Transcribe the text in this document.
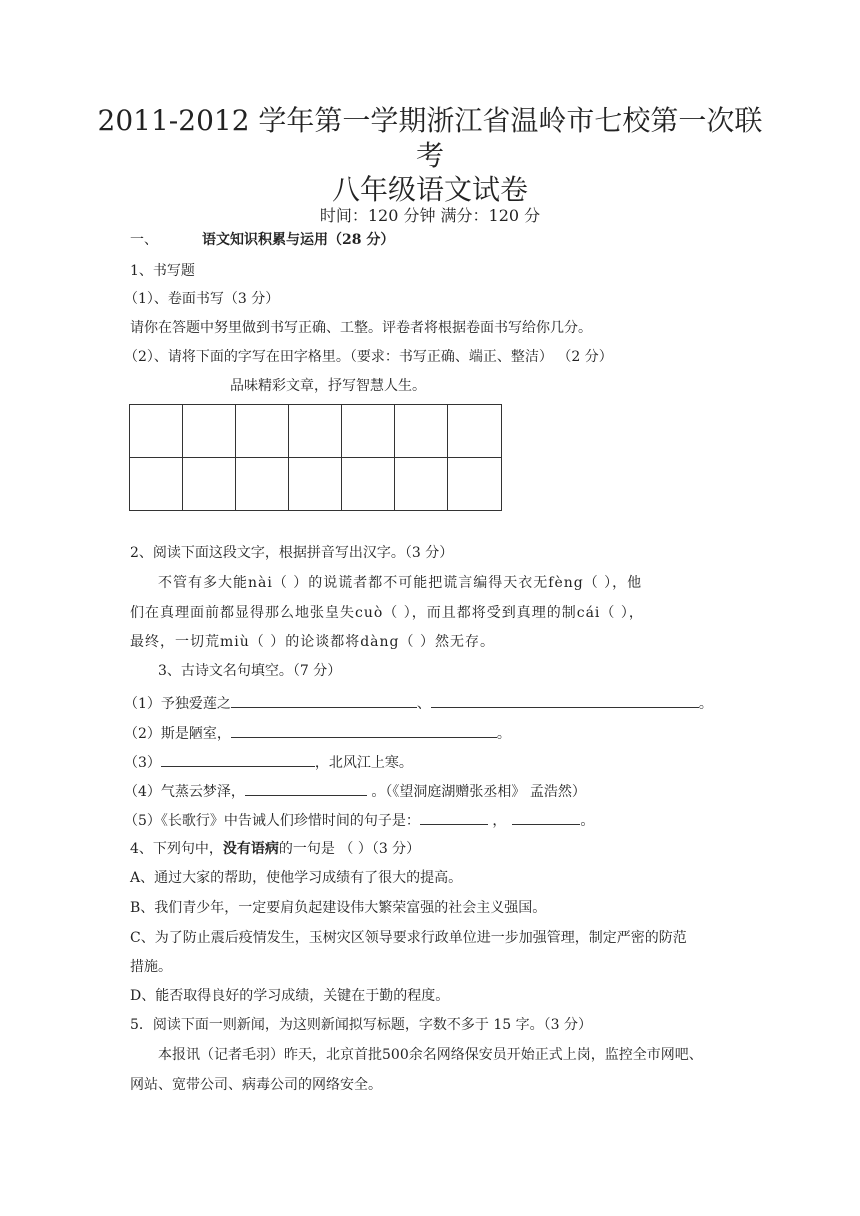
2011-2012 学年第一学期浙江省温岭市七校第一次联
考
八年级语文试卷
时间：120 分钟 满分：120 分
一、	语文知识积累与运用（28 分）
1、书写题
（1）、卷面书写（3 分）
请你在答题中努里做到书写正确、工整。评卷者将根据卷面书写给你几分。
（2）、请将下面的字写在田字格里。（要求：书写正确、端正、整洁） （2 分）
品味精彩文章，抒写智慧人生。
2、阅读下面这段文字，根据拼音写出汉字。（3 分）
不管有多大能nài（ ）的说谎者都不可能把谎言编得天衣无fèng（ ），他
们在真理面前都显得那么地张皇失cuò（ ），而且都将受到真理的制cái（ ），
最终，一切荒miù（ ）的论谈都将dàng（ ）然无存。
3、古诗文名句填空。（7 分）
（1）予独爱莲之	、	。
（2）斯是陋室，	。
（3）	，北风江上寒。
（4）气蒸云梦泽，	。（《望洞庭湖赠张丞相》 孟浩然）
（5）《长歌行》中告诫人们珍惜时间的句子是：	，	。
4、下列句中，没有语病的一句是 （ ）（3 分）
A、通过大家的帮助，使他学习成绩有了很大的提高。
B、我们青少年，一定要肩负起建设伟大繁荣富强的社会主义强国。
C、为了防止震后疫情发生，玉树灾区领导要求行政单位进一步加强管理，制定严密的防范
措施。
D、能否取得良好的学习成绩，关键在于勤的程度。
5．阅读下面一则新闻，为这则新闻拟写标题，字数不多于 15 字。（3 分）
本报讯（记者毛羽）昨天，北京首批500余名网络保安员开始正式上岗，监控全市网吧、
网站、宽带公司、病毒公司的网络安全。
